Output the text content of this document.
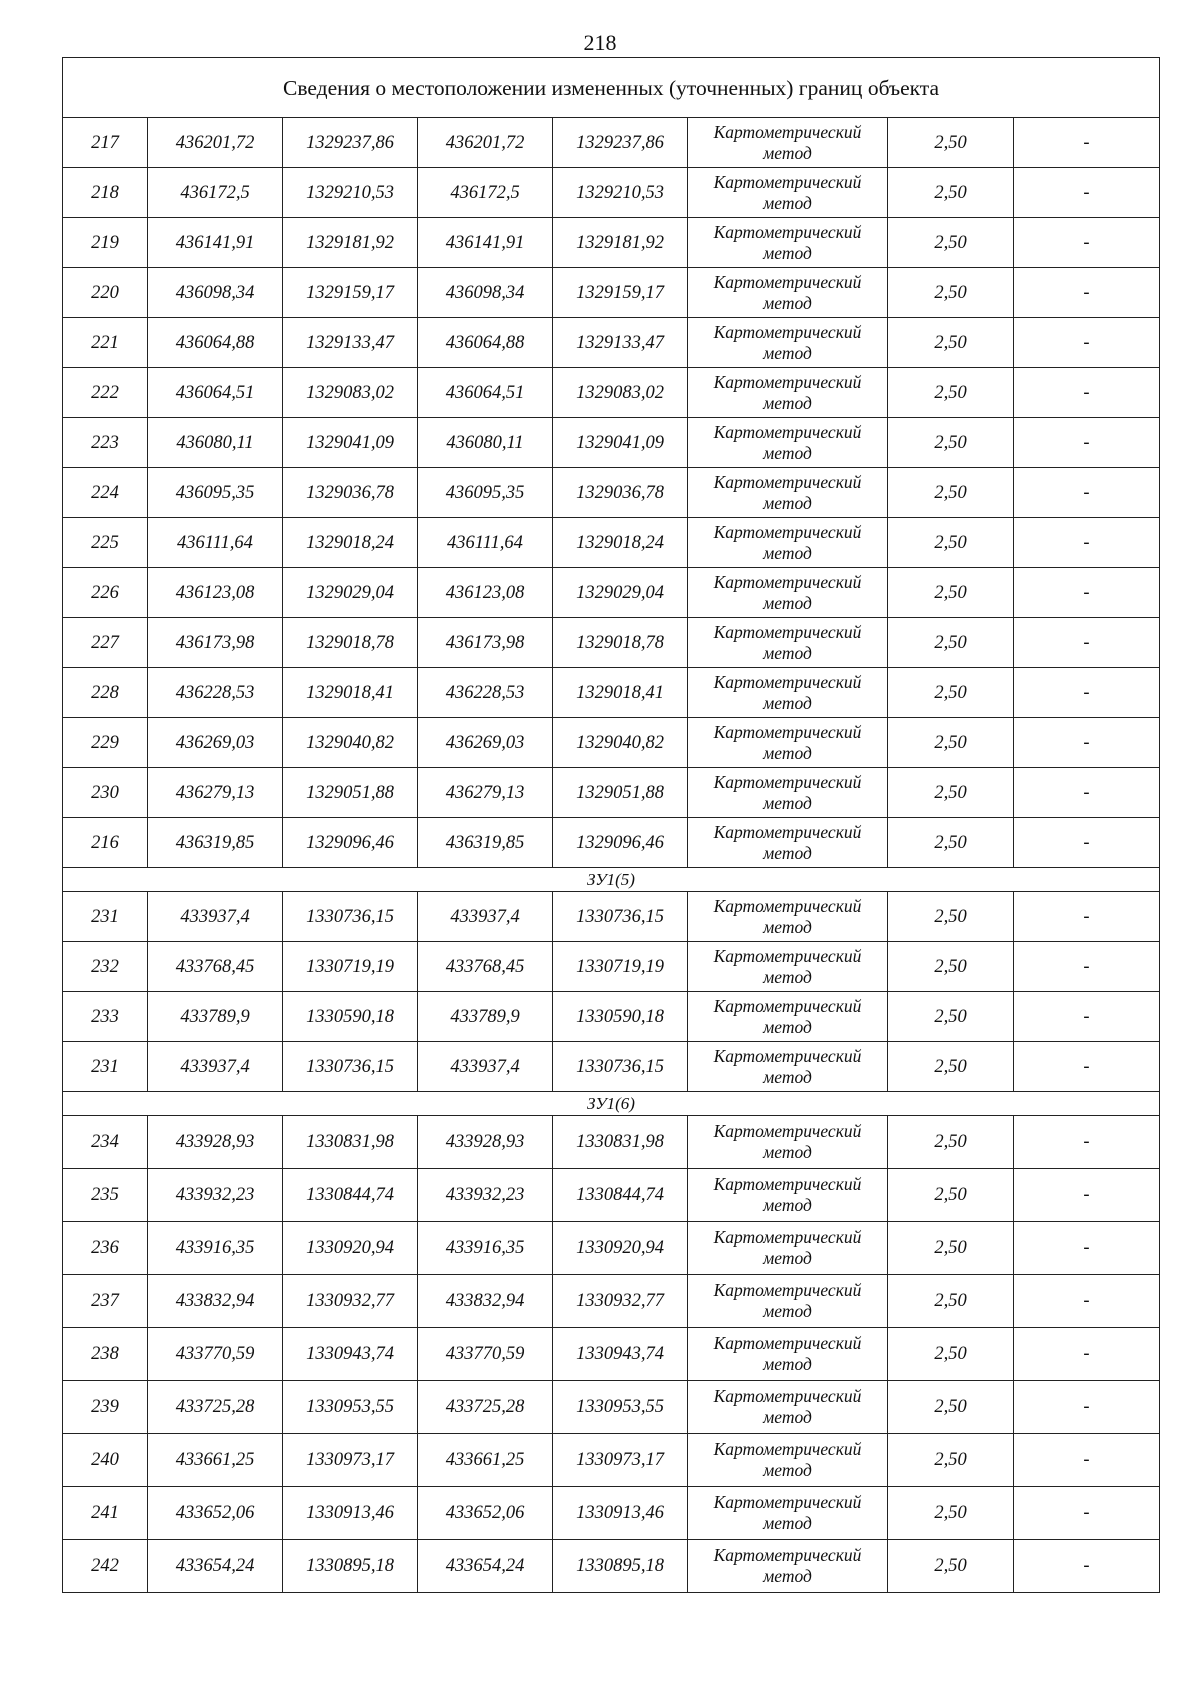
218
Сведения о местоположении измененных (уточненных) границ объекта							
217	436201,72	1329237,86	436201,72	1329237,86	Картометрический метод	2,50	-
218	436172,5	1329210,53	436172,5	1329210,53	Картометрический метод	2,50	-
219	436141,91	1329181,92	436141,91	1329181,92	Картометрический метод	2,50	-
220	436098,34	1329159,17	436098,34	1329159,17	Картометрический метод	2,50	-
221	436064,88	1329133,47	436064,88	1329133,47	Картометрический метод	2,50	-
222	436064,51	1329083,02	436064,51	1329083,02	Картометрический метод	2,50	-
223	436080,11	1329041,09	436080,11	1329041,09	Картометрический метод	2,50	-
224	436095,35	1329036,78	436095,35	1329036,78	Картометрический метод	2,50	-
225	436111,64	1329018,24	436111,64	1329018,24	Картометрический метод	2,50	-
226	436123,08	1329029,04	436123,08	1329029,04	Картометрический метод	2,50	-
227	436173,98	1329018,78	436173,98	1329018,78	Картометрический метод	2,50	-
228	436228,53	1329018,41	436228,53	1329018,41	Картометрический метод	2,50	-
229	436269,03	1329040,82	436269,03	1329040,82	Картометрический метод	2,50	-
230	436279,13	1329051,88	436279,13	1329051,88	Картометрический метод	2,50	-
216	436319,85	1329096,46	436319,85	1329096,46	Картометрический метод	2,50	-
ЗУ1(5)							
231	433937,4	1330736,15	433937,4	1330736,15	Картометрический метод	2,50	-
232	433768,45	1330719,19	433768,45	1330719,19	Картометрический метод	2,50	-
233	433789,9	1330590,18	433789,9	1330590,18	Картометрический метод	2,50	-
231	433937,4	1330736,15	433937,4	1330736,15	Картометрический метод	2,50	-
ЗУ1(6)							
234	433928,93	1330831,98	433928,93	1330831,98	Картометрический метод	2,50	-
235	433932,23	1330844,74	433932,23	1330844,74	Картометрический метод	2,50	-
236	433916,35	1330920,94	433916,35	1330920,94	Картометрический метод	2,50	-
237	433832,94	1330932,77	433832,94	1330932,77	Картометрический метод	2,50	-
238	433770,59	1330943,74	433770,59	1330943,74	Картометрический метод	2,50	-
239	433725,28	1330953,55	433725,28	1330953,55	Картометрический метод	2,50	-
240	433661,25	1330973,17	433661,25	1330973,17	Картометрический метод	2,50	-
241	433652,06	1330913,46	433652,06	1330913,46	Картометрический метод	2,50	-
242	433654,24	1330895,18	433654,24	1330895,18	Картометрический метод	2,50	-
